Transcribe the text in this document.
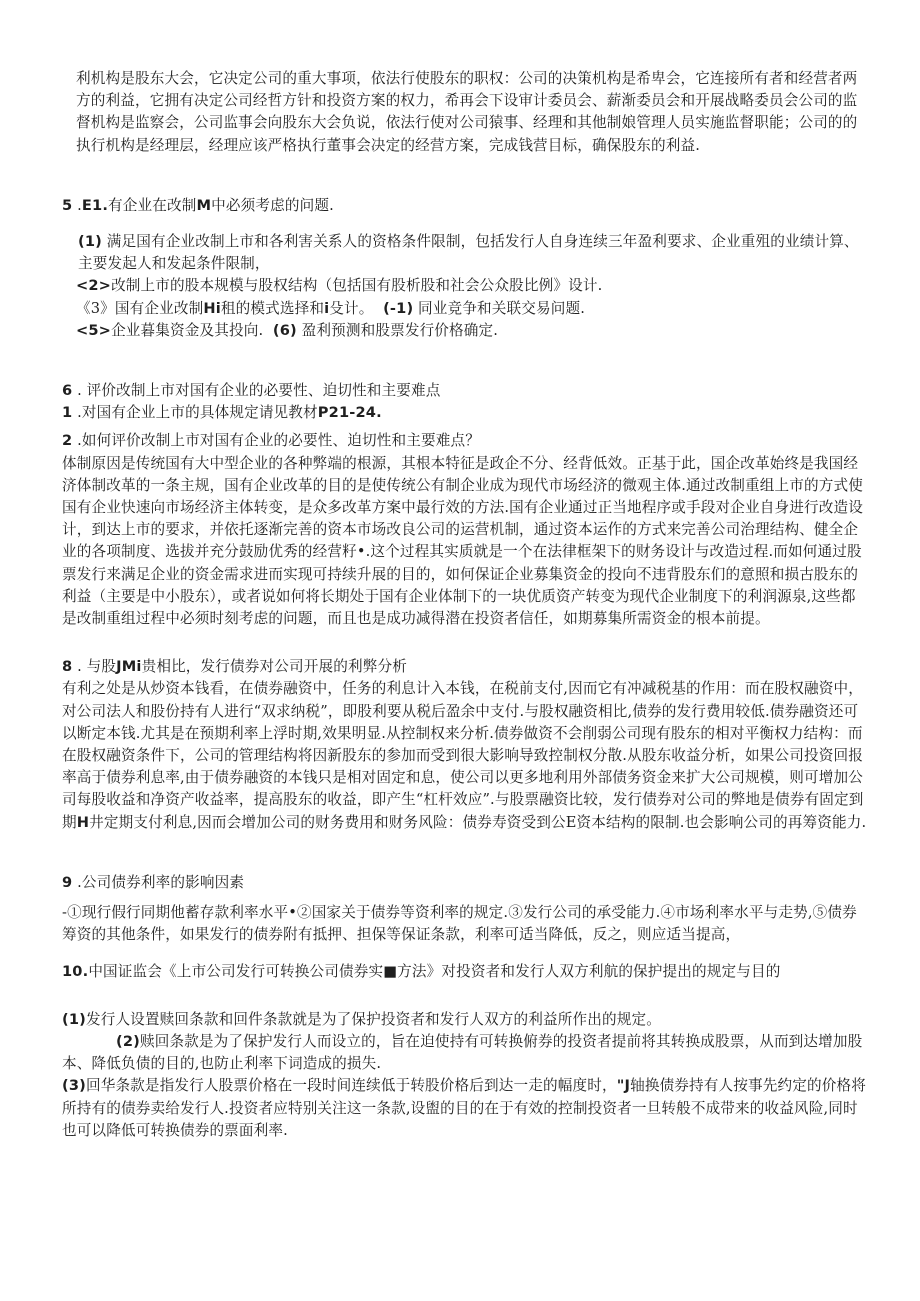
利机构是股东大会，它决定公司的重大事项，依法行使股东的职权：公司的决策机构是希卑会，它连接所有者和经营者两方的利益，它拥有决定公司经哲方针和投资方案的权力，希再会下设审计委员会、薪渐委员会和开展战略委员会公司的监督机构是监察会，公司监事会向股东大会负说，依法行使对公司猿事、经理和其他制娘管理人员实施监督职能；公司的的执行机构是经理层，经理应该严格执行董事会决定的经营方案，完成钱营目标，确保股东的利益.

5 .E1.有企业在改制M中必须考虑的问题.

(1) 满足国有企业改制上市和各利害关系人的资格条件限制，包括发行人自身连续三年盈利要求、企业重殂的业绩计算、主要发起人和发起条件限制，

<2>改制上市的股本规模与股权结构（包括国有股析股和社会公众股比例》设计.

《3》国有企业改制Hi租的模式选择和i殳计。 (-1) 同业竞争和关联交易问题.

<5>企业暮集资金及其投向. (6) 盈利预测和股票发行价格确定.

6 . 评价改制上市对国有企业的必要性、迫切性和主要难点

1 .对国有企业上市的具体规定请见教材P21-24.

2 .如何评价改制上市对国有企业的必要性、迫切性和主要难点？

体制原因是传统国有大中型企业的各种弊端的根源，其根本特征是政企不分、经背低效。正基于此，国企改革始终是我国经济体制改革的一条主规，国有企业改革的目的是使传统公有制企业成为现代市场经济的微观主体.通过改制重组上市的方式使国有企业快速向市场经济主体转变，是众多改革方案中最行效的方法.国有企业通过正当地程序或手段对企业自身进行改造设计，到达上市的要求，并依托逐渐完善的资本市场改良公司的运营机制，通过资本运作的方式来完善公司治理结构、健全企业的各项制度、选拔并充分鼓励优秀的经营籽•.这个过程其实质就是一个在法律框架下的财务设计与改造过程.而如何通过股票发行来满足企业的资金需求进而实现可持续升展的目的，如何保证企业募集资金的投向不违背股东们的意照和损古股东的利益（主要是中小股东），或者说如何将长期处于国有企业体制下的一块优质资产转变为现代企业制度下的利润源泉,这些都是改制重组过程中必须时刻考虑的问题，而且也是成功减得潜在投资者信任，如期募集所需资金的根本前提。

8 . 与股JMi贵相比，发行债券对公司开展的利弊分析

有利之处是从炒资本钱看，在债券融资中，任务的利息计入本钱，在税前支付,因而它有冲减税基的作用：而在股权融资中，对公司法人和股份持有人进行“双求纳税”，即股利要从税后盈余中支付.与股权融资相比,债券的发行费用较低.债券融资还可以断定本钱.尤其是在预期利率上浮时期,效果明显.从控制权来分析.债券做资不会削弱公司现有股东的相对平衡权力结构：而在股权融资条件下，公司的管理结构将因新股东的参加而受到很大影响导致控制权分散.从股东收益分析，如果公司投资回报率高于债券利息率,由于债券融资的本钱只是相对固定和息，使公司以更多地利用外部债务资金来扩大公司规模，则可增加公司每股收益和净资产收益率，提高股东的收益，即产生“杠杆效应”.与股票融资比较，发行债券对公司的弊地是债券有固定到期H井定期支付利息,因而会增加公司的财务费用和财务风险：债券寿资受到公E资本结构的限制.也会影响公司的再筹资能力.

9 .公司债券利率的影响因素

-①现行假行同期他蓄存款利率水平•②国家关于债券等资利率的规定.③发行公司的承受能力.④市场利率水平与走势,⑤债券筹资的其他条件，如果发行的债券附有抵押、担保等保证条款，利率可适当降低，反之，则应适当提高，

10.中国证监会《上市公司发行可转换公司债券实■方法》对投资者和发行人双方利航的保护提出的规定与目的

(1)发行人设置赎回条款和回件条款就是为了保护投资者和发行人双方的利益所作出的规定。

(2)赎回条款是为了保护发行人而设立的，旨在迫使持有可转换俯券的投资者提前将其转换成股票，从而到达增加股本、降低负债的目的,也防止利率下词造成的损失.

(3)回华条款是指发行人股票价格在一段时间连续低于转股价格后到达一走的幅度时，"J轴换债券持有人按事先约定的价格将所持有的债券卖给发行人.投资者应特别关注这一条款,设盥的目的在于有效的控制投资者一旦转般不成带来的收益风险,同时也可以降低可转换债券的票面利率.
